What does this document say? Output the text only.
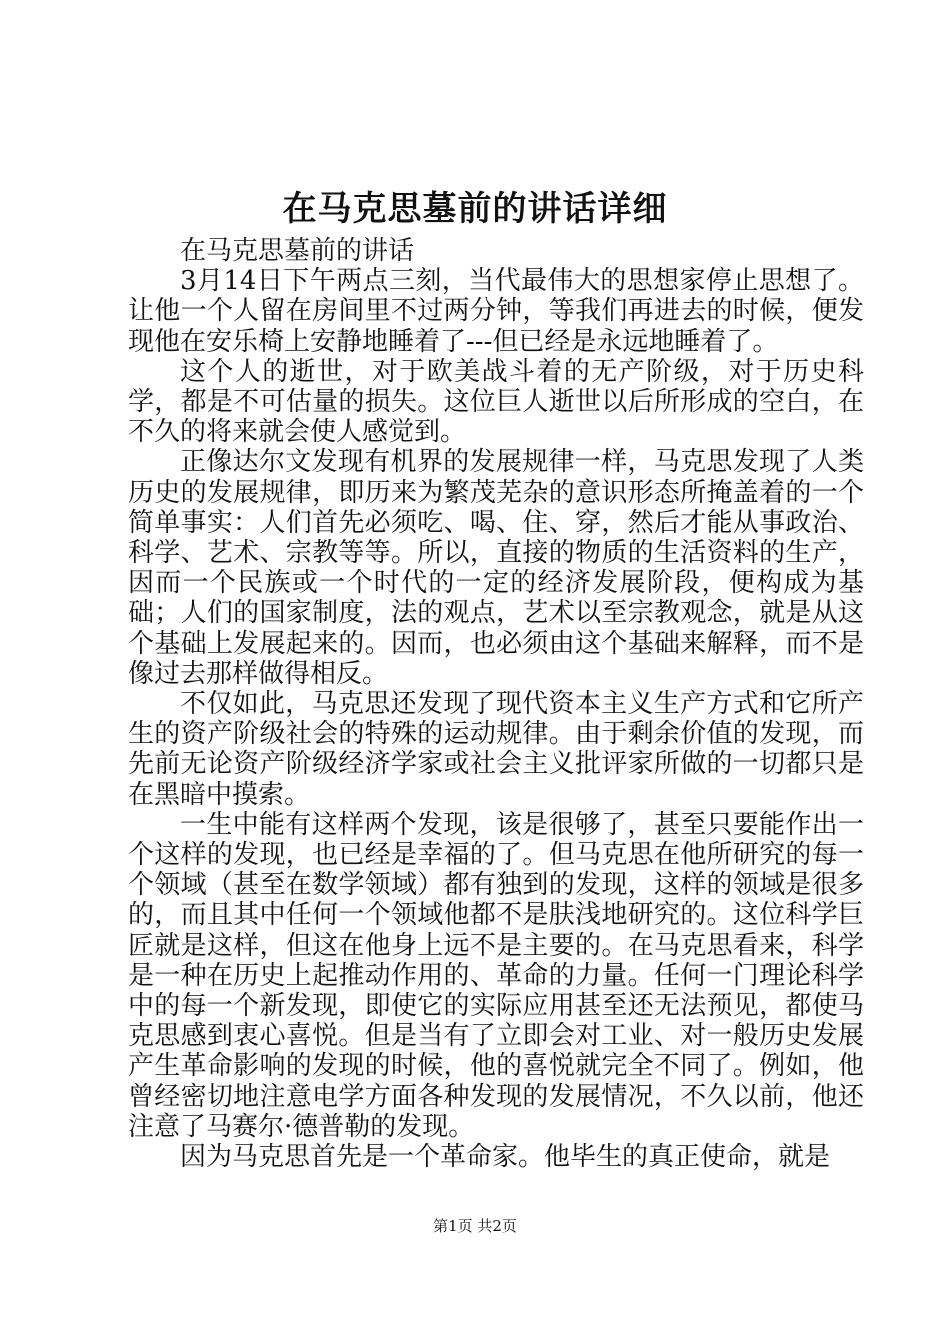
在马克思墓前的讲话详细

在马克思墓前的讲话

3月14日下午两点三刻，当代最伟大的思想家停止思想了。让他一个人留在房间里不过两分钟，等我们再进去的时候，便发现他在安乐椅上安静地睡着了---但已经是永远地睡着了。

这个人的逝世，对于欧美战斗着的无产阶级，对于历史科学，都是不可估量的损失。这位巨人逝世以后所形成的空白，在不久的将来就会使人感觉到。

正像达尔文发现有机界的发展规律一样，马克思发现了人类历史的发展规律，即历来为繁茂芜杂的意识形态所掩盖着的一个简单事实：人们首先必须吃、喝、住、穿，然后才能从事政治、科学、艺术、宗教等等。所以，直接的物质的生活资料的生产，因而一个民族或一个时代的一定的经济发展阶段，便构成为基础；人们的国家制度，法的观点，艺术以至宗教观念，就是从这个基础上发展起来的。因而，也必须由这个基础来解释，而不是像过去那样做得相反。

不仅如此，马克思还发现了现代资本主义生产方式和它所产生的资产阶级社会的特殊的运动规律。由于剩余价值的发现，而先前无论资产阶级经济学家或社会主义批评家所做的一切都只是在黑暗中摸索。

一生中能有这样两个发现，该是很够了，甚至只要能作出一个这样的发现，也已经是幸福的了。但马克思在他所研究的每一个领域（甚至在数学领域）都有独到的发现，这样的领域是很多的，而且其中任何一个领域他都不是肤浅地研究的。这位科学巨匠就是这样，但这在他身上远不是主要的。在马克思看来，科学是一种在历史上起推动作用的、革命的力量。任何一门理论科学中的每一个新发现，即使它的实际应用甚至还无法预见，都使马克思感到衷心喜悦。但是当有了立即会对工业、对一般历史发展产生革命影响的发现的时候，他的喜悦就完全不同了。例如，他曾经密切地注意电学方面各种发现的发展情况，不久以前，他还注意了马赛尔·德普勒的发现。

因为马克思首先是一个革命家。他毕生的真正使命，就是

第1页 共2页
